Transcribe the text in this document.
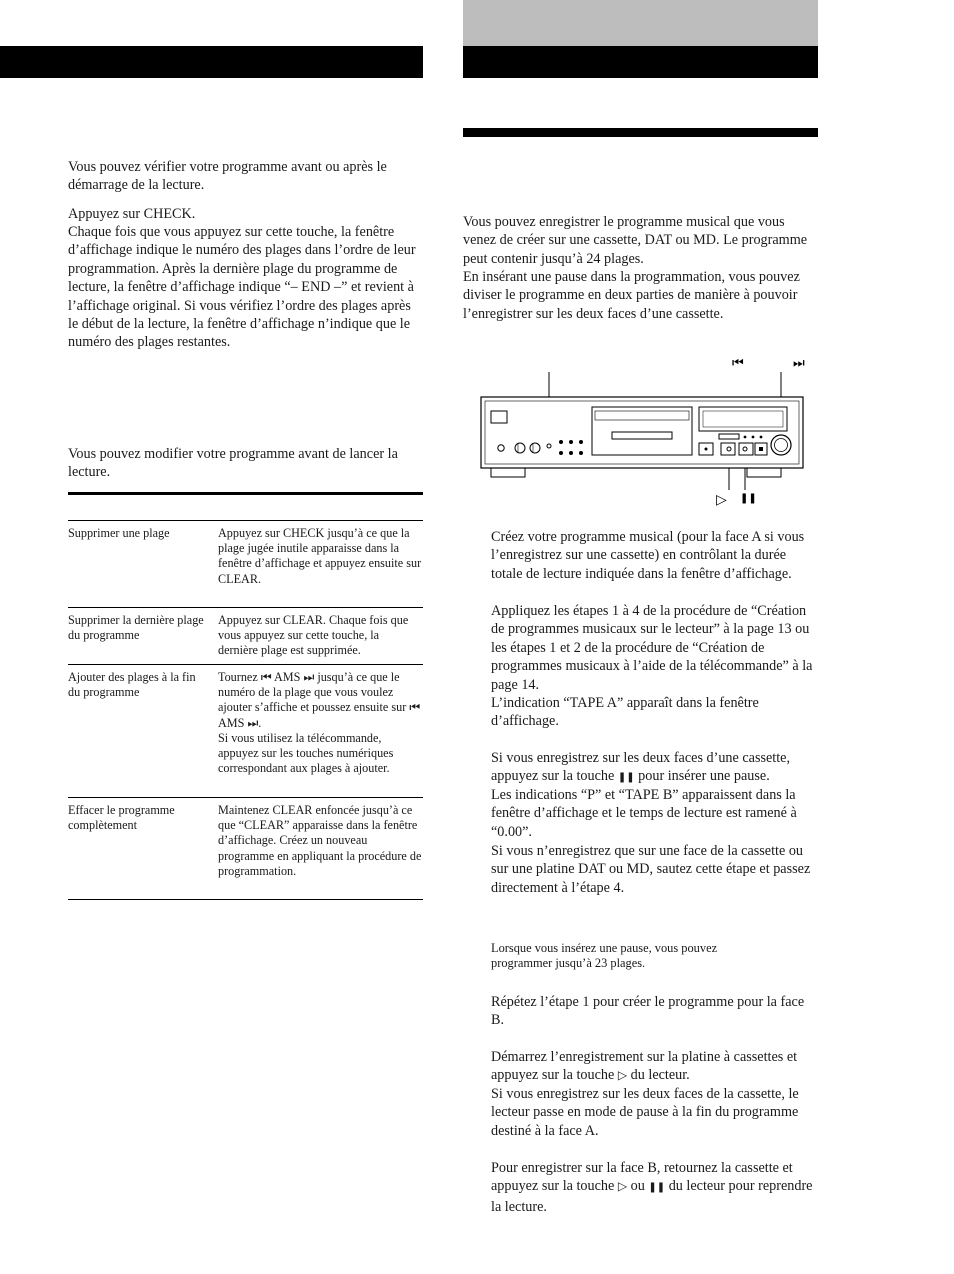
Vous pouvez vérifier votre programme avant ou après le démarrage de la lecture.

Appuyez sur CHECK.

Chaque fois que vous appuyez sur cette touche, la fenêtre d’affichage indique le numéro des plages dans l’ordre de leur programmation. Après la dernière plage du programme de lecture, la fenêtre d’affichage indique “– END –” et revient à l’affichage original. Si vous vérifiez l’ordre des plages après le début de la lecture, la fenêtre d’affichage n’indique que le numéro des plages restantes.

Vous pouvez modifier votre programme avant de lancer la lecture.

Supprimer une plage	Appuyez sur CHECK jusqu’à ce que la plage jugée inutile apparaisse dans la fenêtre d’affichage et appuyez ensuite sur CLEAR.
Supprimer la dernière plage du programme
Appuyez sur CLEAR. Chaque fois que vous appuyez sur cette touche, la dernière plage est supprimée.
Ajouter des plages à la fin du programme
Tournez ⏮ AMS ⏭ jusqu’à ce que le numéro de la plage que vous voulez ajouter s’affiche et poussez ensuite sur ⏮ AMS ⏭.
Si vous utilisez la télécommande, appuyez sur les touches numériques correspondant aux plages à ajouter.
Effacer le programme complètement
Maintenez CLEAR enfoncée jusqu’à ce que “CLEAR” apparaisse dans la fenêtre d’affichage. Créez un nouveau programme en appliquant la procédure de programmation.

Vous pouvez enregistrer le programme musical que vous venez de créer sur une cassette, DAT ou MD. Le programme peut contenir jusqu’à 24 plages.

En insérant une pause dans la programmation, vous pouvez diviser le programme en deux parties de manière à pouvoir l’enregistrer sur les deux faces d’une cassette.

⏮	⏭
▷ ❚❚

Créez votre programme musical (pour la face A si vous l’enregistrez sur une cassette) en contrôlant la durée totale de lecture indiquée dans la fenêtre d’affichage.

Appliquez les étapes 1 à 4 de la procédure de “Création de programmes musicaux sur le lecteur” à la page 13 ou les étapes 1 et 2 de la procédure de “Création de programmes musicaux à l’aide de la télécommande” à la page 14.

L’indication “TAPE A” apparaît dans la fenêtre d’affichage.

Si vous enregistrez sur les deux faces d’une cassette, appuyez sur la touche ❚❚ pour insérer une pause.

Les indications “P” et “TAPE B” apparaissent dans la fenêtre d’affichage et le temps de lecture est ramené à “0.00”.

Si vous n’enregistrez que sur une face de la cassette ou sur une platine DAT ou MD, sautez cette étape et passez directement à l’étape 4.

Lorsque vous insérez une pause, vous pouvez programmer jusqu’à 23 plages.

Répétez l’étape 1 pour créer le programme pour la face B.

Démarrez l’enregistrement sur la platine à cassettes et appuyez sur la touche ▷ du lecteur.

Si vous enregistrez sur les deux faces de la cassette, le lecteur passe en mode de pause à la fin du programme destiné à la face A.

Pour enregistrer sur la face B, retournez la cassette et appuyez sur la touche ▷ ou ❚❚ du lecteur pour reprendre la lecture.
